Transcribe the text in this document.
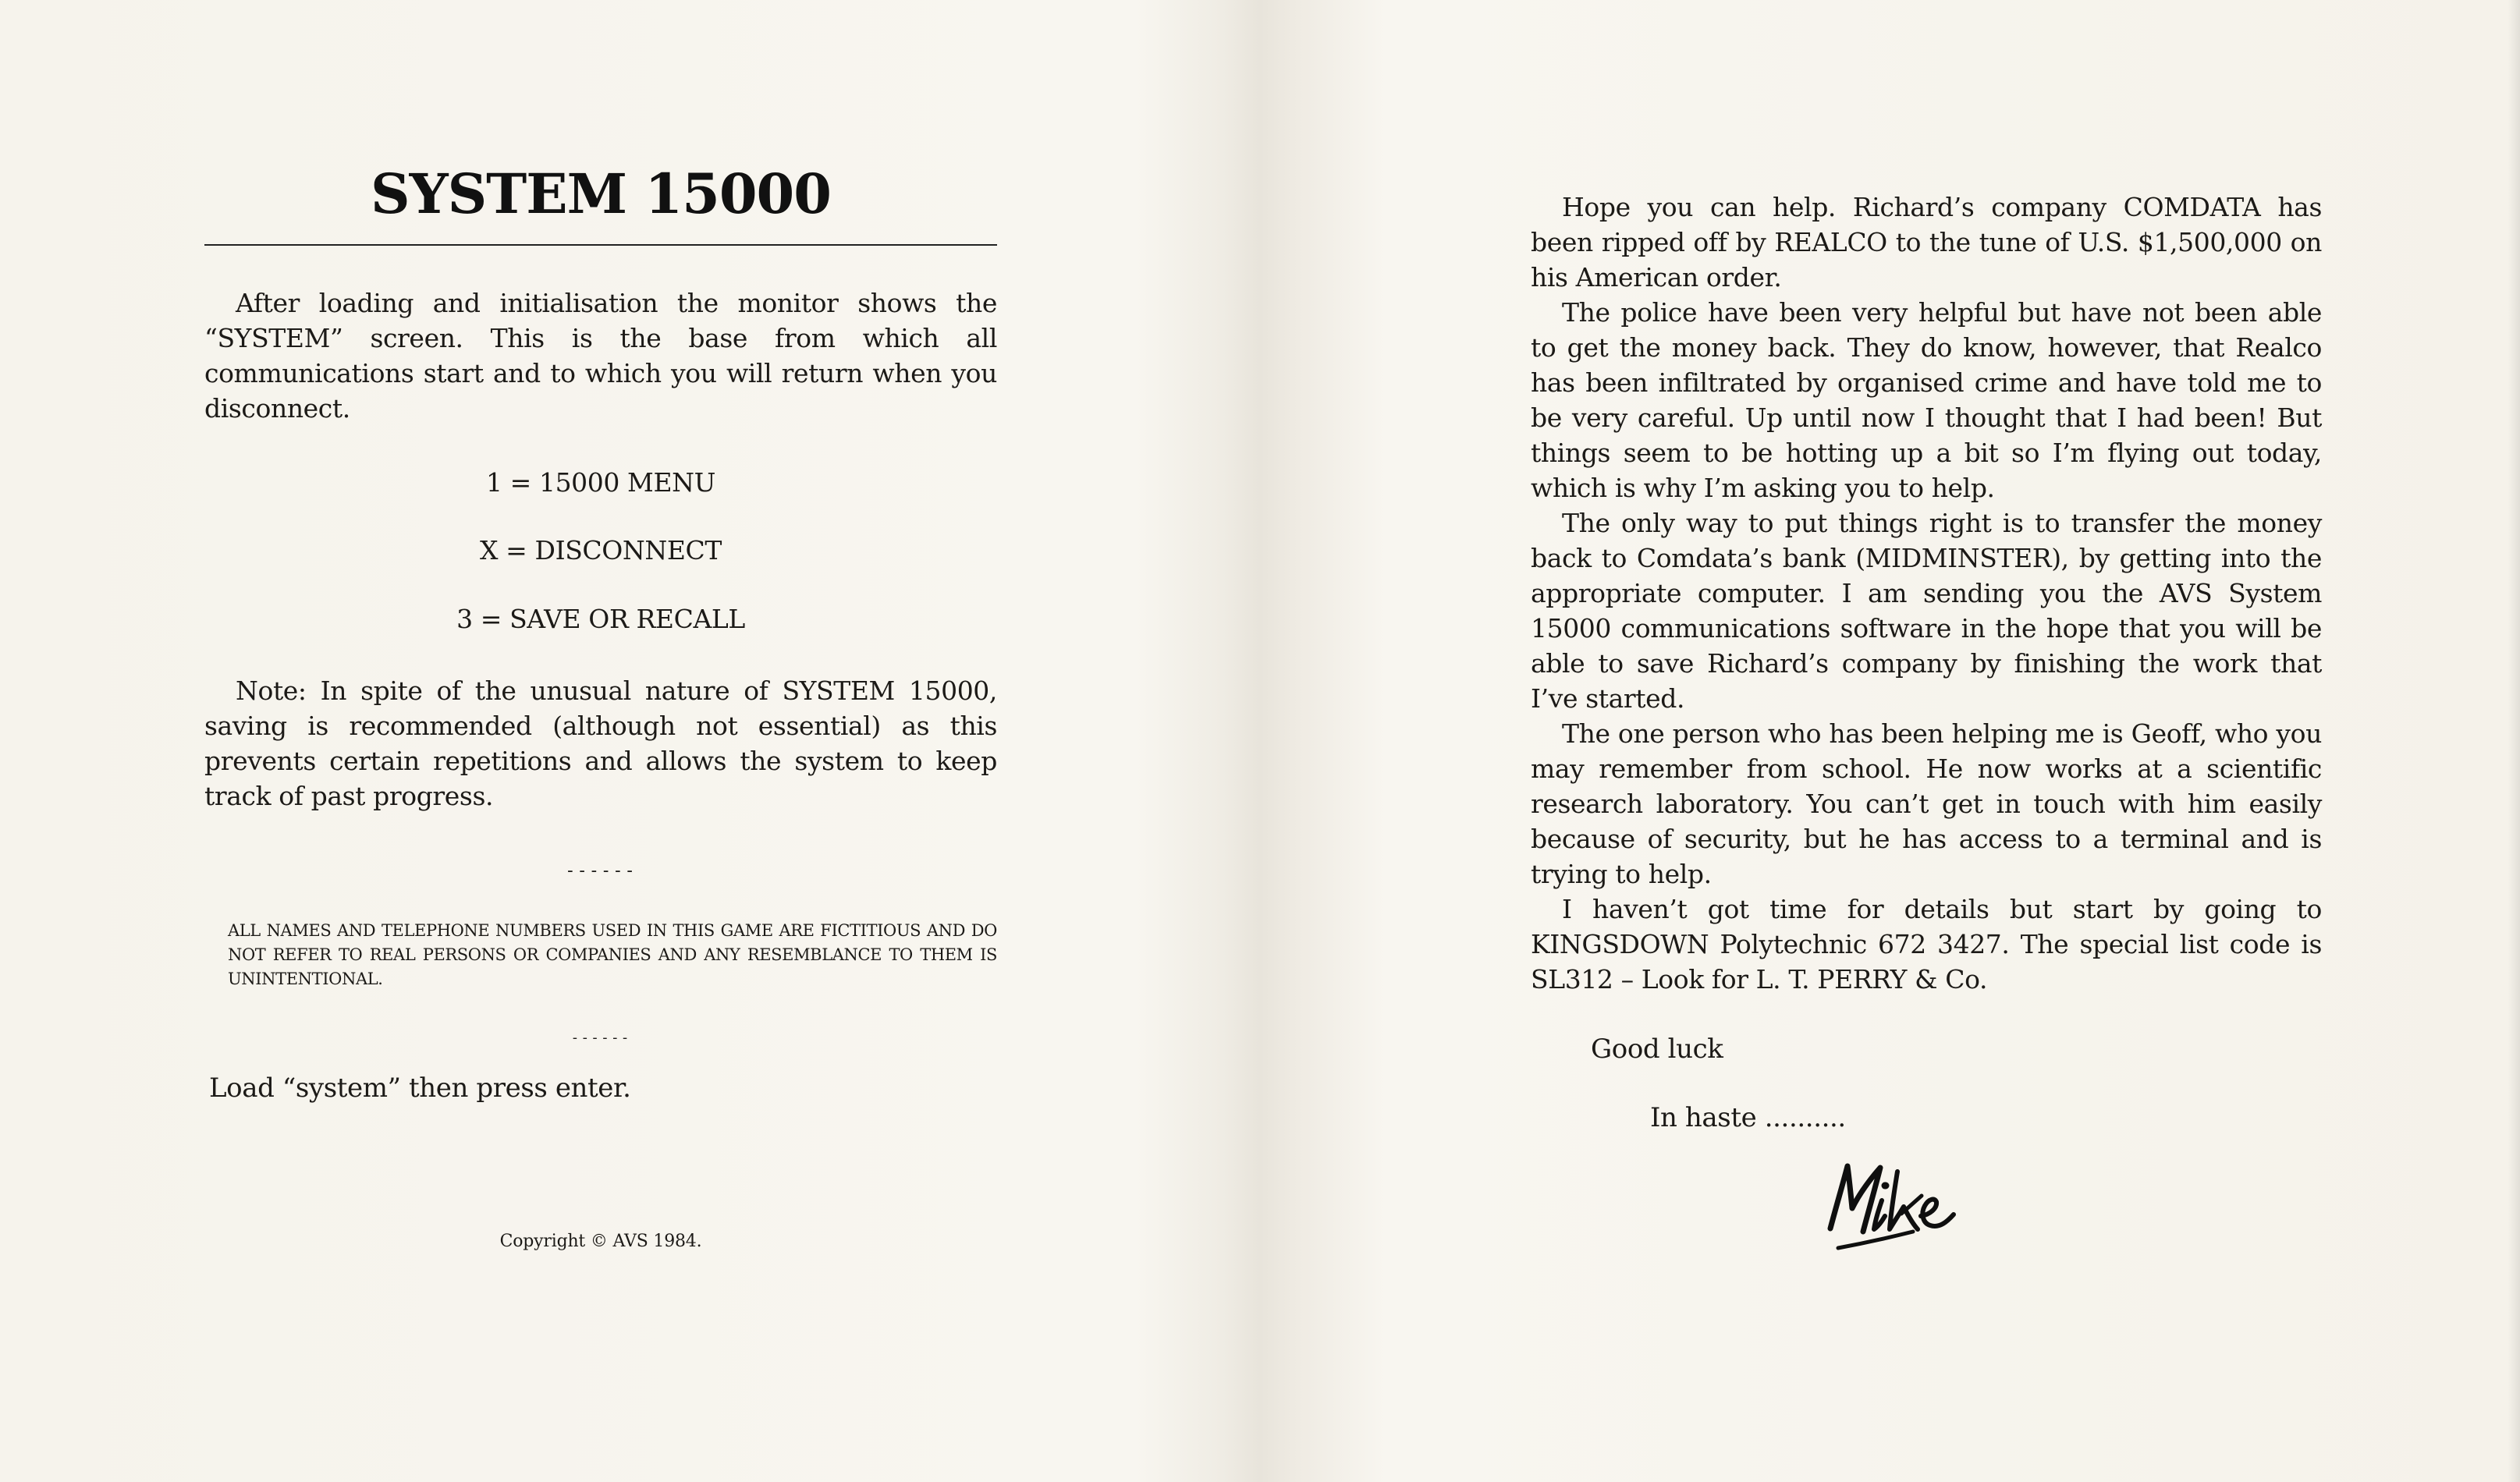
SYSTEM 15000

After loading and initialisation the monitor shows the “SYSTEM” screen. This is the base from which all communications start and to which you will return when you disconnect.

1 = 15000 MENU

X = DISCONNECT

3 = SAVE OR RECALL

Note: In spite of the unusual nature of SYSTEM 15000, saving is recommended (although not essential) as this prevents certain repetitions and allows the system to keep track of past progress.

------

ALL NAMES AND TELEPHONE NUMBERS USED IN THIS GAME ARE FICTITIOUS AND DO NOT REFER TO REAL PERSONS OR COMPANIES AND ANY RESEMBLANCE TO THEM IS UNINTENTIONAL.

------

Load “system” then press enter.

Copyright © AVS 1984.

Hope you can help. Richard’s company COMDATA has been ripped off by REALCO to the tune of U.S. $1,500,000 on his American order.

The police have been very helpful but have not been able to get the money back. They do know, however, that Realco has been infiltrated by organised crime and have told me to be very careful. Up until now I thought that I had been! But things seem to be hotting up a bit so I’m flying out today, which is why I’m asking you to help.

The only way to put things right is to transfer the money back to Comdata’s bank (MIDMINSTER), by getting into the appropriate computer. I am sending you the AVS System 15000 communications software in the hope that you will be able to save Richard’s company by finishing the work that I’ve started.

The one person who has been helping me is Geoff, who you may remember from school. He now works at a scientific research laboratory. You can’t get in touch with him easily because of security, but he has access to a terminal and is trying to help.

I haven’t got time for details but start by going to KINGSDOWN Polytechnic 672 3427. The special list code is SL312 – Look for L. T. PERRY & Co.

Good luck

In haste ..........
